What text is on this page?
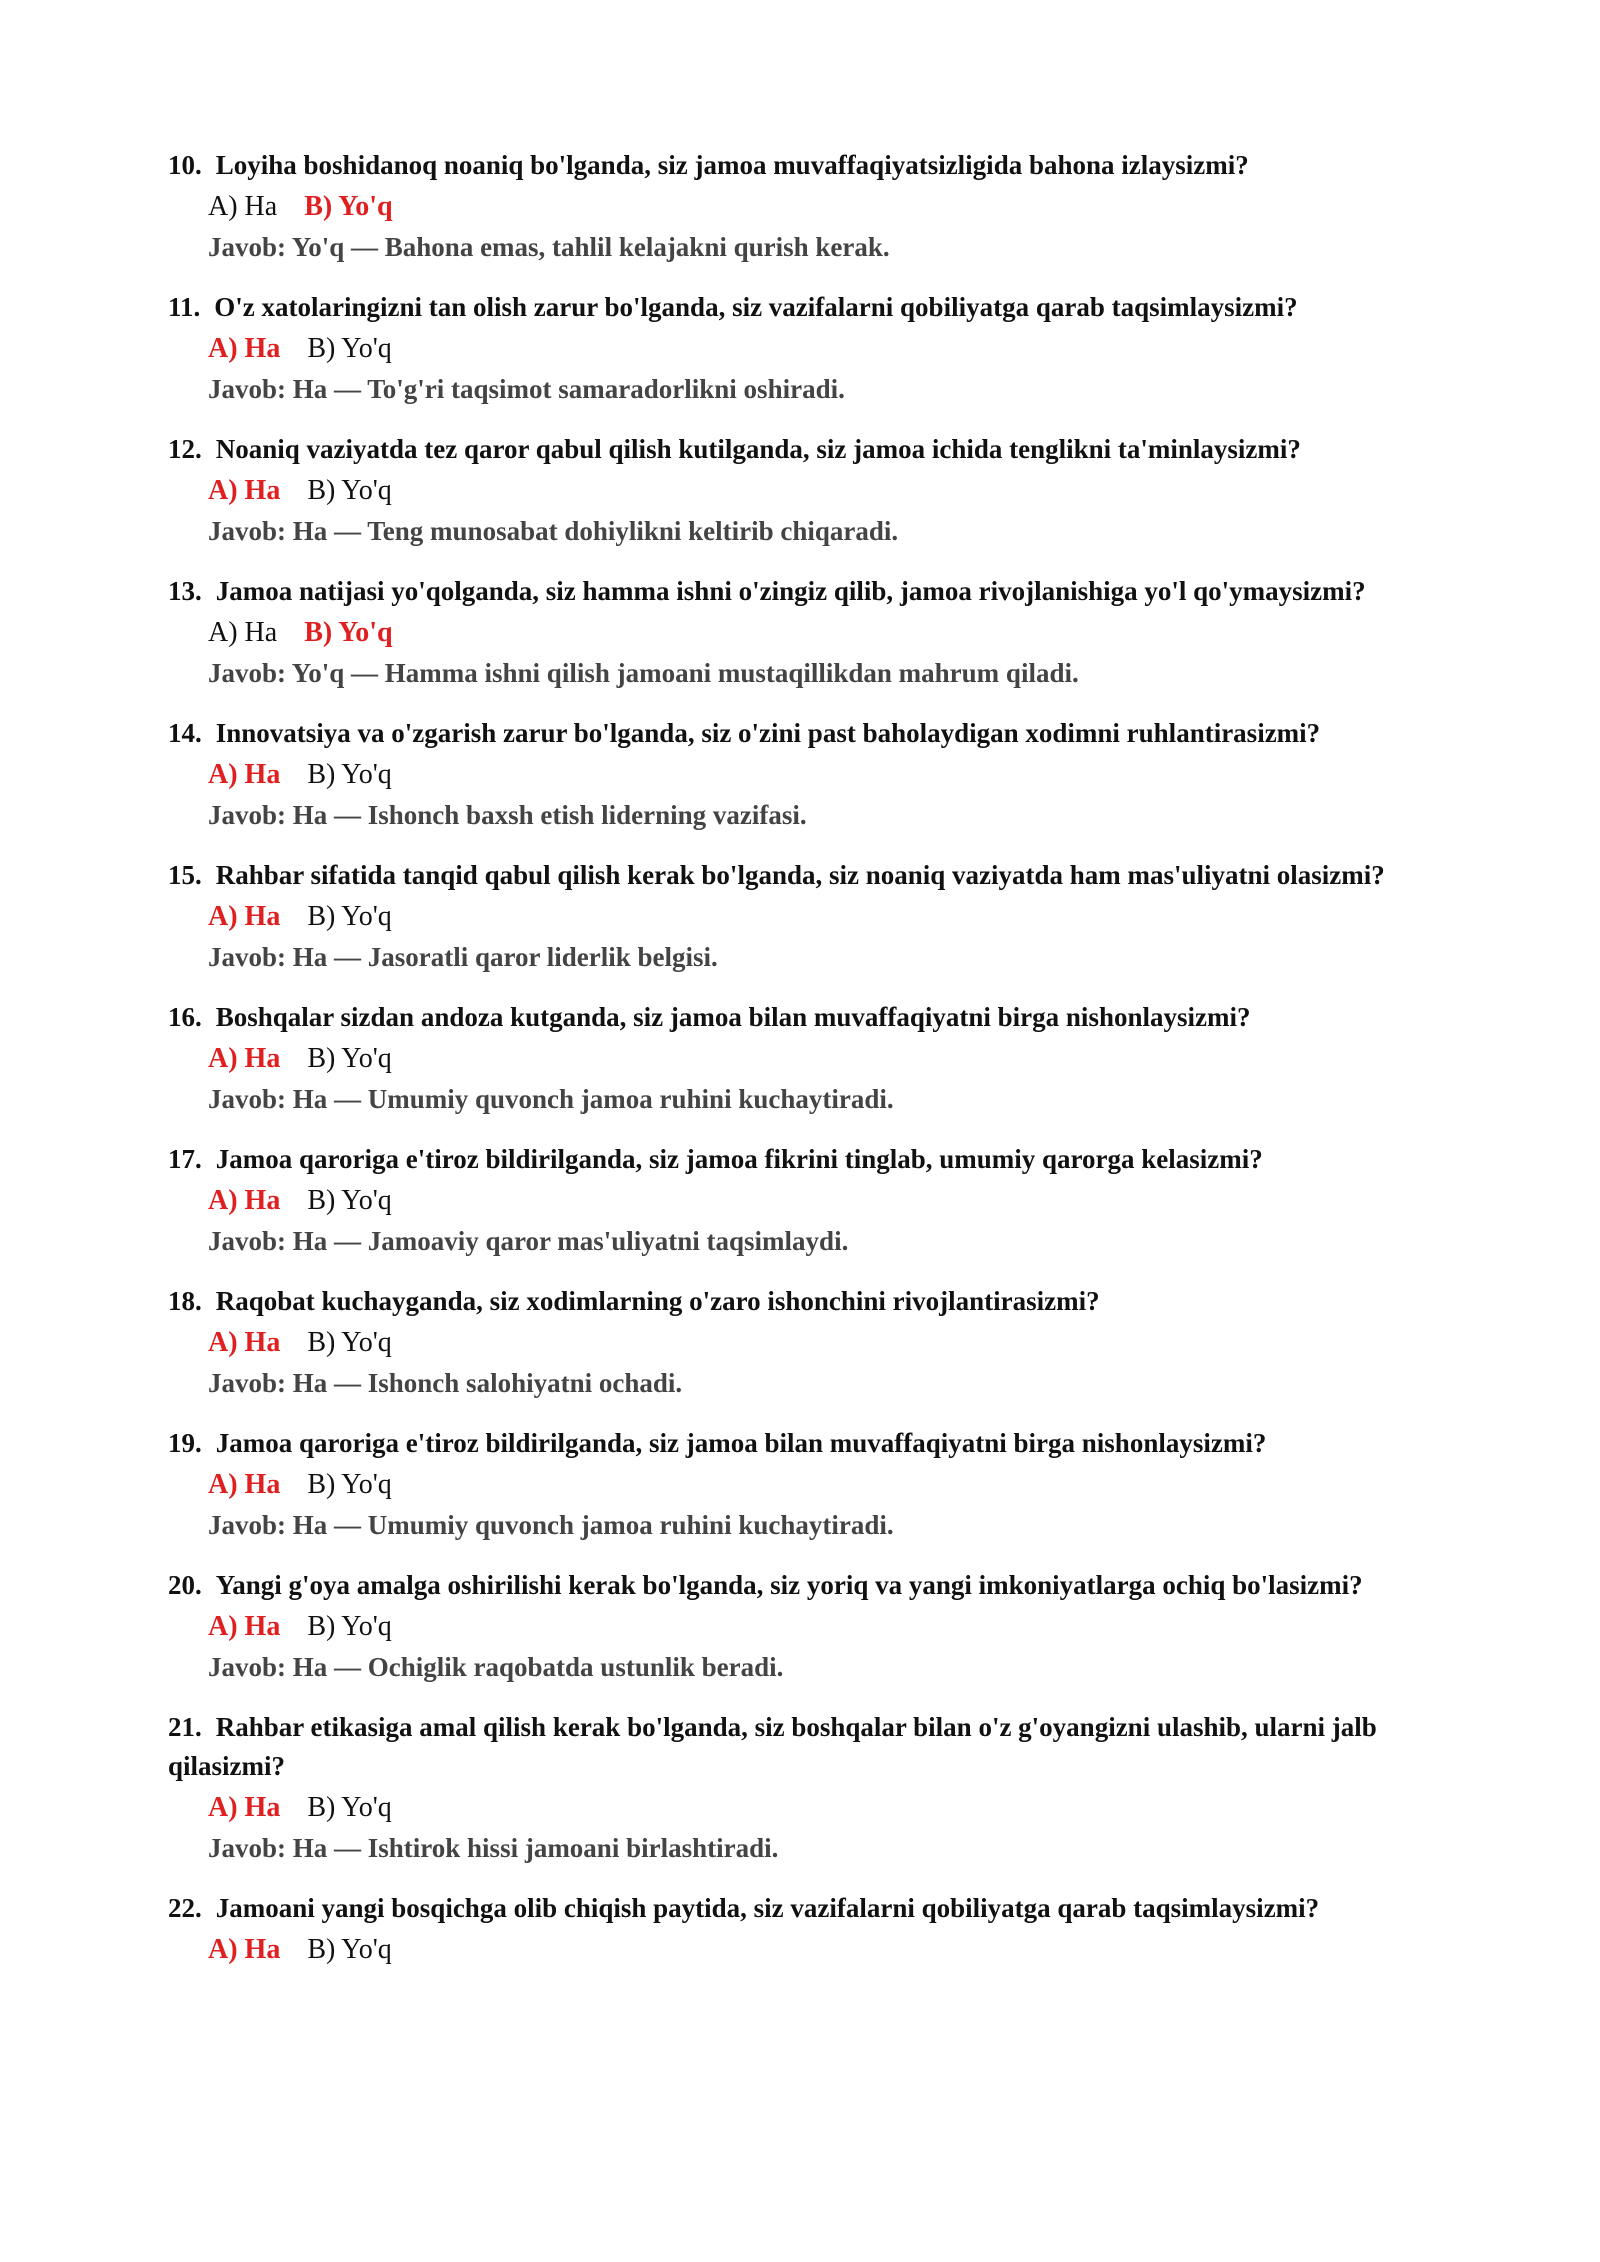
10. Loyiha boshidanoq noaniq bo'lganda, siz jamoa muvaffaqiyatsizligida bahona izlaysizmi?

A) Ha B) Yo'q

Javob: Yo'q — Bahona emas, tahlil kelajakni qurish kerak.

11. O'z xatolaringizni tan olish zarur bo'lganda, siz vazifalarni qobiliyatga qarab taqsimlaysizmi?

A) Ha B) Yo'q

Javob: Ha — To'g'ri taqsimot samaradorlikni oshiradi.

12. Noaniq vaziyatda tez qaror qabul qilish kutilganda, siz jamoa ichida tenglikni ta'minlaysizmi?

A) Ha B) Yo'q

Javob: Ha — Teng munosabat dohiylikni keltirib chiqaradi.

13. Jamoa natijasi yo'qolganda, siz hamma ishni o'zingiz qilib, jamoa rivojlanishiga yo'l qo'ymaysizmi?

A) Ha B) Yo'q

Javob: Yo'q — Hamma ishni qilish jamoani mustaqillikdan mahrum qiladi.

14. Innovatsiya va o'zgarish zarur bo'lganda, siz o'zini past baholaydigan xodimni ruhlantirasizmi?

A) Ha B) Yo'q

Javob: Ha — Ishonch baxsh etish liderning vazifasi.

15. Rahbar sifatida tanqid qabul qilish kerak bo'lganda, siz noaniq vaziyatda ham mas'uliyatni olasizmi?

A) Ha B) Yo'q

Javob: Ha — Jasoratli qaror liderlik belgisi.

16. Boshqalar sizdan andoza kutganda, siz jamoa bilan muvaffaqiyatni birga nishonlaysizmi?

A) Ha B) Yo'q

Javob: Ha — Umumiy quvonch jamoa ruhini kuchaytiradi.

17. Jamoa qaroriga e'tiroz bildirilganda, siz jamoa fikrini tinglab, umumiy qarorga kelasizmi?

A) Ha B) Yo'q

Javob: Ha — Jamoaviy qaror mas'uliyatni taqsimlaydi.

18. Raqobat kuchayganda, siz xodimlarning o'zaro ishonchini rivojlantirasizmi?

A) Ha B) Yo'q

Javob: Ha — Ishonch salohiyatni ochadi.

19. Jamoa qaroriga e'tiroz bildirilganda, siz jamoa bilan muvaffaqiyatni birga nishonlaysizmi?

A) Ha B) Yo'q

Javob: Ha — Umumiy quvonch jamoa ruhini kuchaytiradi.

20. Yangi g'oya amalga oshirilishi kerak bo'lganda, siz yoriq va yangi imkoniyatlarga ochiq bo'lasizmi?

A) Ha B) Yo'q

Javob: Ha — Ochiglik raqobatda ustunlik beradi.

21. Rahbar etikasiga amal qilish kerak bo'lganda, siz boshqalar bilan o'z g'oyangizni ulashib, ularni jalb qilasizmi?

A) Ha B) Yo'q

Javob: Ha — Ishtirok hissi jamoani birlashtiradi.

22. Jamoani yangi bosqichga olib chiqish paytida, siz vazifalarni qobiliyatga qarab taqsimlaysizmi?

A) Ha B) Yo'q
